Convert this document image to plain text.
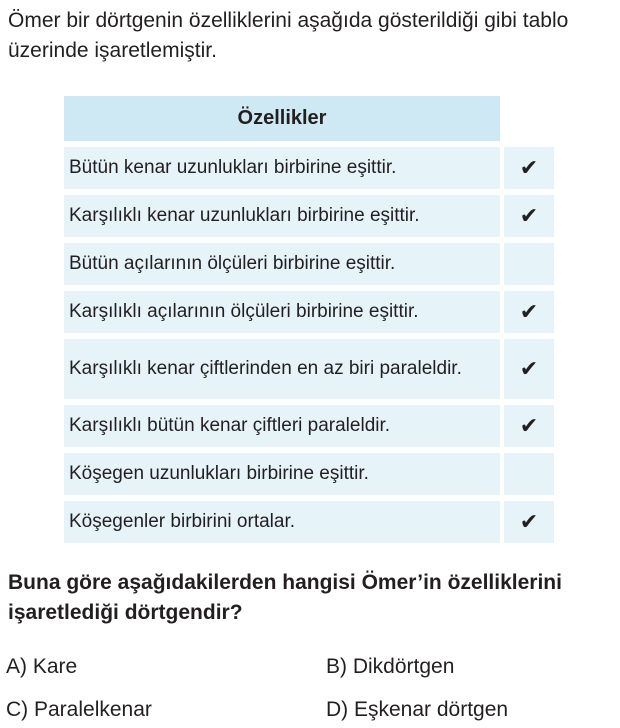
Ömer bir dörtgenin özelliklerini aşağıda gösterildiği gibi tablo üzerinde işaretlemiştir.
Özellikler
Bütün kenar uzunlukları birbirine eşittir.	✔
Karşılıklı kenar uzunlukları birbirine eşittir.	✔
Bütün açılarının ölçüleri birbirine eşittir.
Karşılıklı açılarının ölçüleri birbirine eşittir.	✔
Karşılıklı kenar çiftlerinden en az biri paraleldir.	✔
Karşılıklı bütün kenar çiftleri paraleldir.	✔
Köşegen uzunlukları birbirine eşittir.
Köşegenler birbirini ortalar.	✔
Buna göre aşağıdakilerden hangisi Ömer’in özelliklerini işaretlediği dörtgendir?
A) Kare	B) Dikdörtgen
C) Paralelkenar	D) Eşkenar dörtgen
